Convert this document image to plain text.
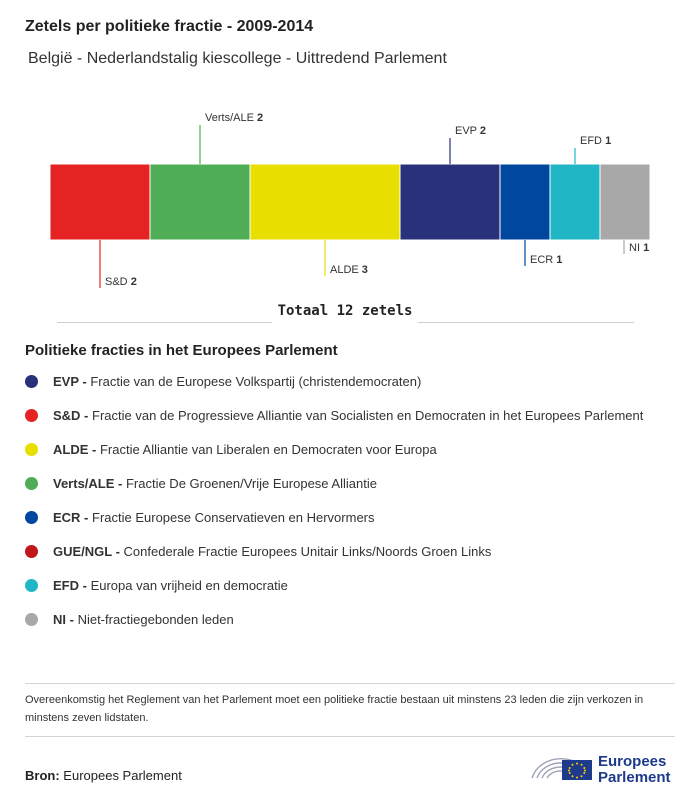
Zetels per politieke fractie - 2009-2014
België - Nederlandstalig kiescollege - Uittredend Parlement
S&D 2
Verts/ALE 2
ALDE 3
EVP 2
ECR 1
EFD 1
NI 1
Totaal 12 zetels
Politieke fracties in het Europees Parlement
EVP - Fractie van de Europese Volkspartij (christendemocraten)
S&D - Fractie van de Progressieve Alliantie van Socialisten en Democraten in het Europees Parlement
ALDE - Fractie Alliantie van Liberalen en Democraten voor Europa
Verts/ALE - Fractie De Groenen/Vrije Europese Alliantie
ECR - Fractie Europese Conservatieven en Hervormers
GUE/NGL - Confederale Fractie Europees Unitair Links/Noords Groen Links
EFD - Europa van vrijheid en democratie
NI - Niet-fractiegebonden leden
Overeenkomstig het Reglement van het Parlement moet een politieke fractie bestaan uit minstens 23 leden die zijn verkozen in minstens zeven lidstaten.
Bron: Europees Parlement
Europees
Parlement
